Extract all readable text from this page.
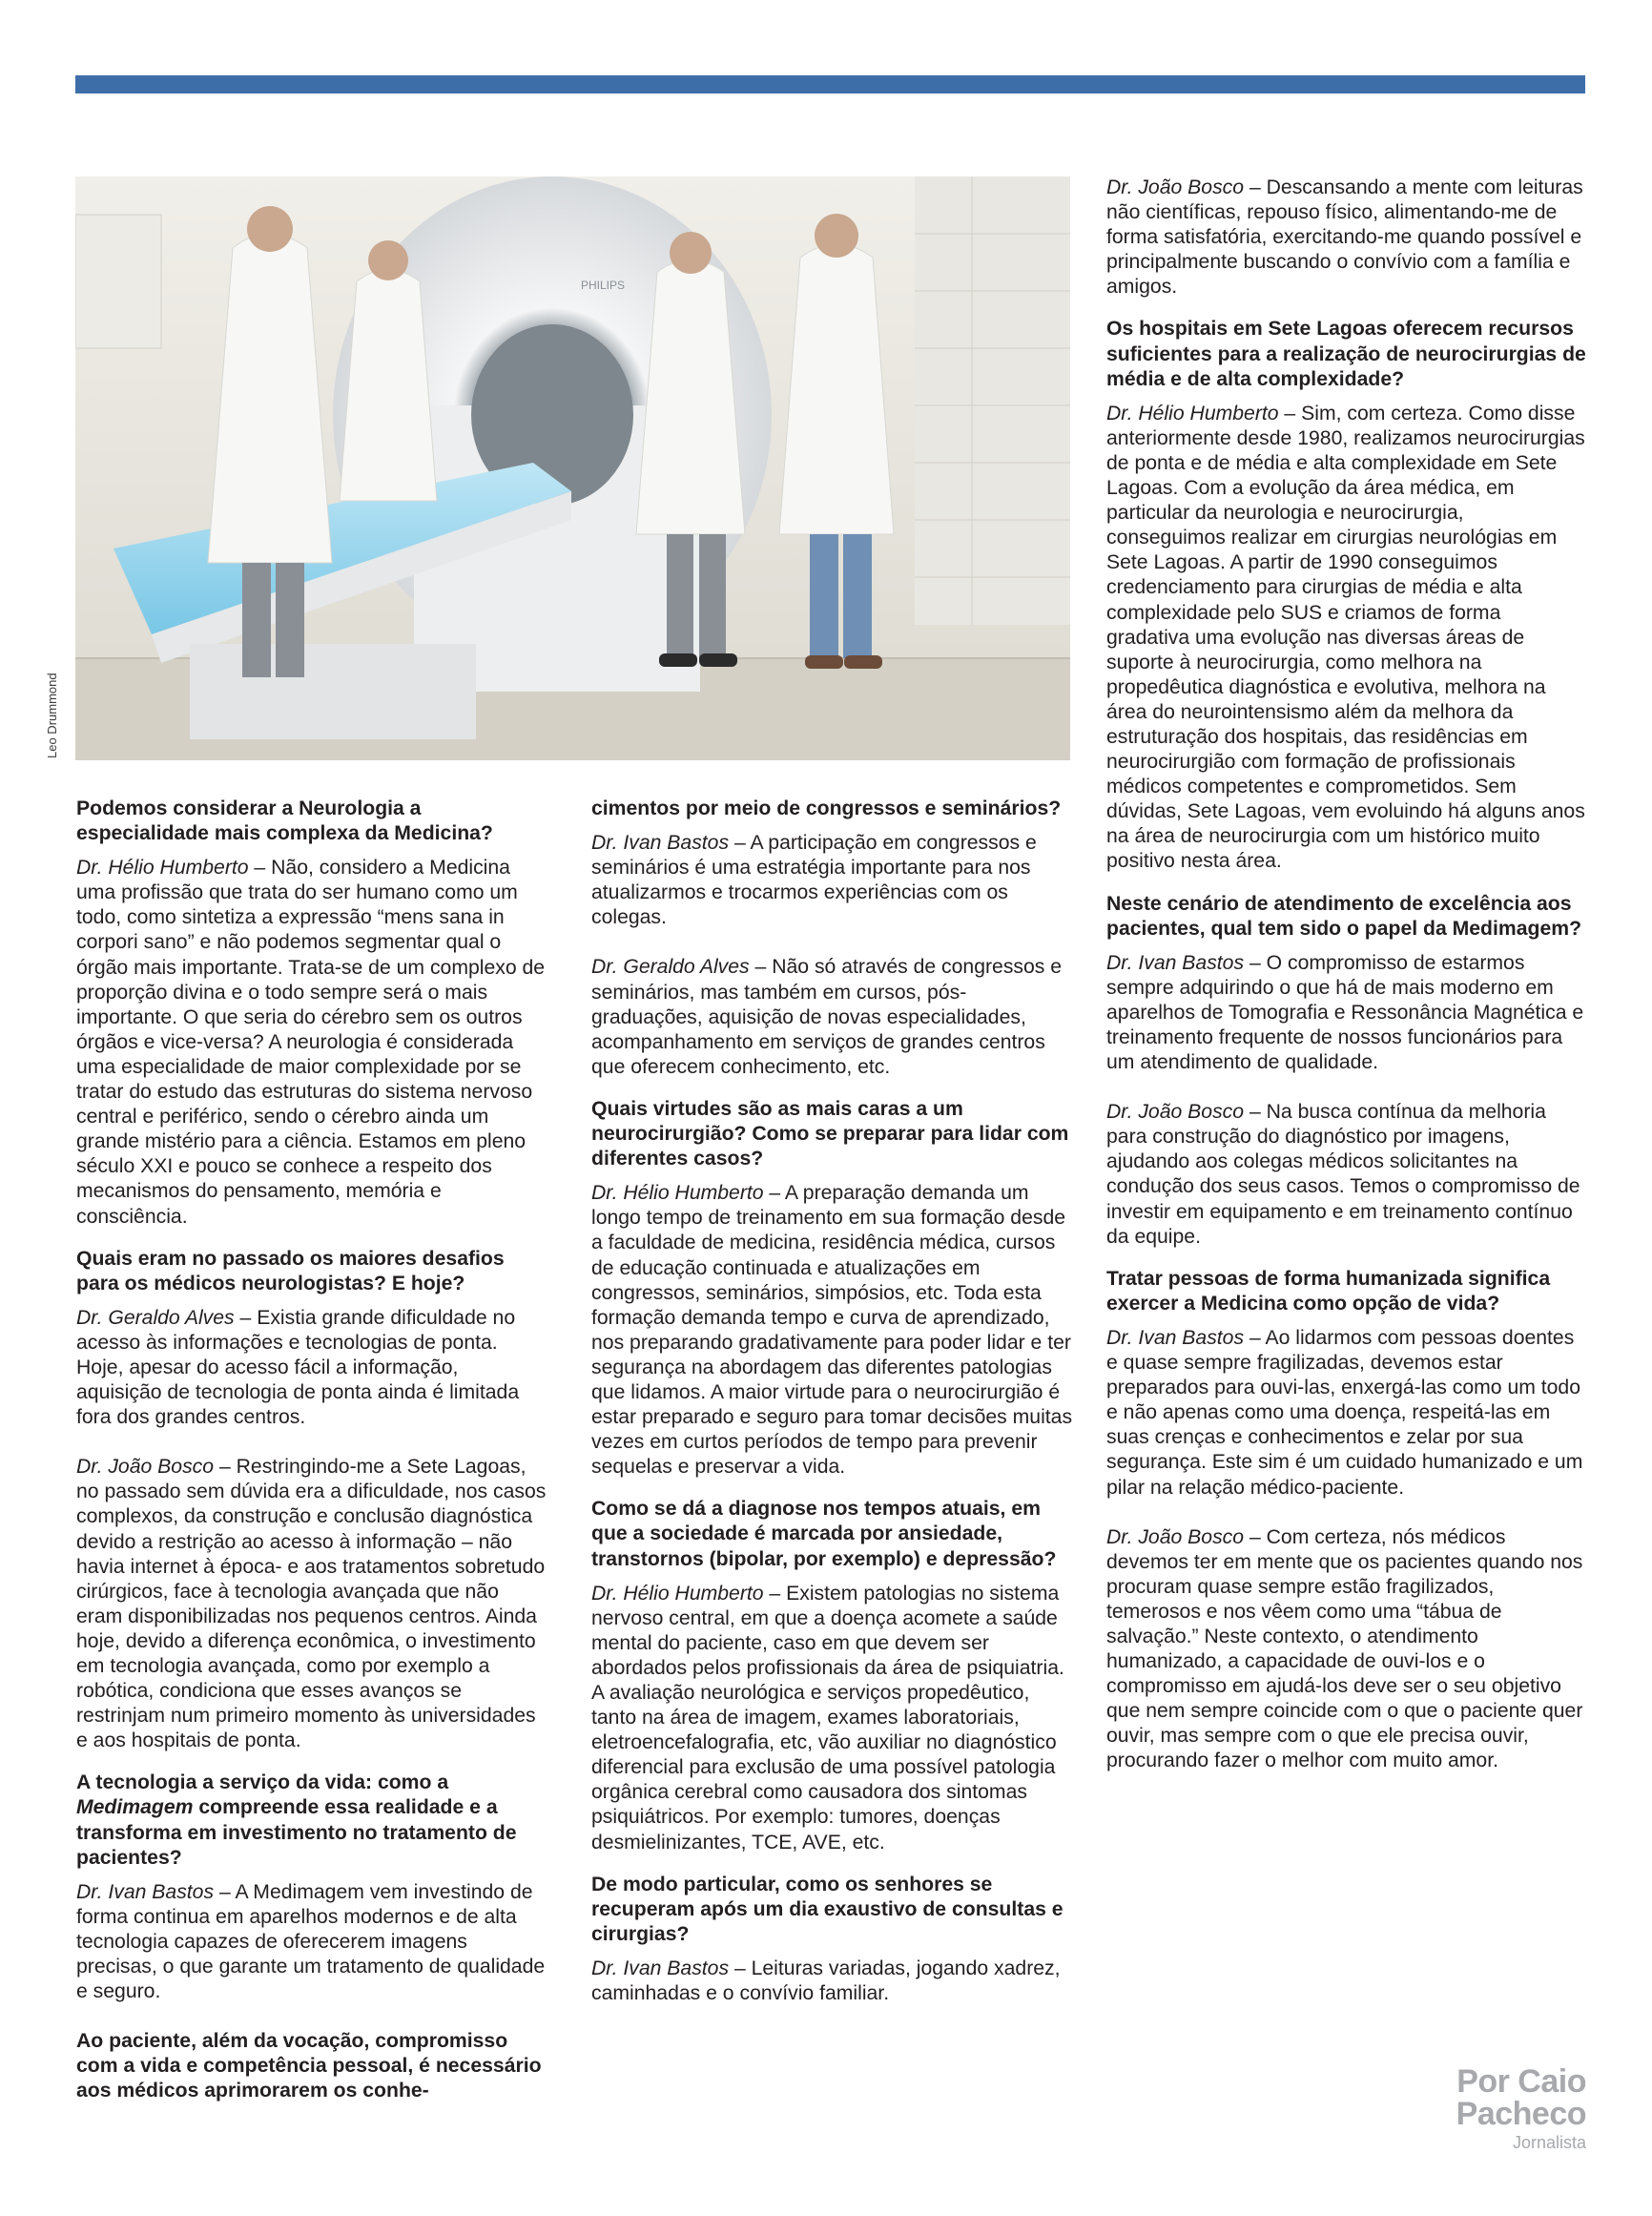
PHILIPS
Leo Drummond
Podemos considerar a Neurologia a especialidade mais complexa da Medicina?
Dr. Hélio Humberto – Não, considero a Medicina uma profissão que trata do ser humano como um todo, como sintetiza a expressão “mens sana in corpori sano” e não podemos segmentar qual o órgão mais importante. Trata-se de um complexo de proporção divina e o todo sempre será o mais importante. O que seria do cérebro sem os outros órgãos e vice-versa? A neurologia é considerada uma especialidade de maior complexidade por se tratar do estudo das estruturas do sistema nervoso central e periférico, sendo o cérebro ainda um grande mistério para a ciência. Estamos em pleno século XXI e pouco se conhece a respeito dos mecanismos do pensamento, memória e consciência.
Quais eram no passado os maiores desafios para os médicos neurologistas? E hoje?
Dr. Geraldo Alves – Existia grande dificuldade no acesso às informações e tecnologias de ponta. Hoje, apesar do acesso fácil a informação, aquisição de tecnologia de ponta ainda é limitada fora dos grandes centros.
Dr. João Bosco – Restringindo-me a Sete Lagoas, no passado sem dúvida era a dificuldade, nos casos complexos, da construção e conclusão diagnóstica devido a restrição ao acesso à informação – não havia internet à época- e aos tratamentos sobretudo cirúrgicos, face à tecnologia avançada que não eram disponibilizadas nos pequenos centros. Ainda hoje, devido a diferença econômica, o investimento em tecnologia avançada, como por exemplo a robótica, condiciona que esses avanços se restrinjam num primeiro momento às universidades e aos hospitais de ponta.
A tecnologia a serviço da vida: como a Medimagem compreende essa realidade e a transforma em investimento no tratamento de pacientes?
Dr. Ivan Bastos – A Medimagem vem investindo de forma continua em aparelhos modernos e de alta tecnologia capazes de oferecerem imagens precisas, o que garante um tratamento de qualidade e seguro.
Ao paciente, além da vocação, compromisso com a vida e competência pessoal, é necessário aos médicos aprimorarem os conhe-
cimentos por meio de congressos e seminários?
Dr. Ivan Bastos – A participação em congressos e seminários é uma estratégia importante para nos atualizarmos e trocarmos experiências com os colegas.
Dr. Geraldo Alves – Não só através de congressos e seminários, mas também em cursos, pós-graduações, aquisição de novas especialidades, acompanhamento em serviços de grandes centros que oferecem conhecimento, etc.
Quais virtudes são as mais caras a um neurocirurgião? Como se preparar para lidar com diferentes casos?
Dr. Hélio Humberto – A preparação demanda um longo tempo de treinamento em sua formação desde a faculdade de medicina, residência médica, cursos de educação continuada e atualizações em congressos, seminários, simpósios, etc. Toda esta formação demanda tempo e curva de aprendizado, nos preparando gradativamente para poder lidar e ter segurança na abordagem das diferentes patologias que lidamos. A maior virtude para o neurocirurgião é estar preparado e seguro para tomar decisões muitas vezes em curtos períodos de tempo para prevenir sequelas e preservar a vida.
Como se dá a diagnose nos tempos atuais, em que a sociedade é marcada por ansiedade, transtornos (bipolar, por exemplo) e depressão?
Dr. Hélio Humberto – Existem patologias no sistema nervoso central, em que a doença acomete a saúde mental do paciente, caso em que devem ser abordados pelos profissionais da área de psiquiatria. A avaliação neurológica e serviços propedêutico, tanto na área de imagem, exames laboratoriais, eletroencefalografia, etc, vão auxiliar no diagnóstico diferencial para exclusão de uma possível patologia orgânica cerebral como causadora dos sintomas psiquiátricos. Por exemplo: tumores, doenças desmielinizantes, TCE, AVE, etc.
De modo particular, como os senhores se recuperam após um dia exaustivo de consultas e cirurgias?
Dr. Ivan Bastos – Leituras variadas, jogando xadrez, caminhadas e o convívio familiar.
Dr. João Bosco – Descansando a mente com leituras não científicas, repouso físico, alimentando-me de forma satisfatória, exercitando-me quando possível e principalmente buscando o convívio com a família e amigos.
Os hospitais em Sete Lagoas oferecem recursos suficientes para a realização de neurocirurgias de média e de alta complexidade?
Dr. Hélio Humberto – Sim, com certeza. Como disse anteriormente desde 1980, realizamos neurocirurgias de ponta e de média e alta complexidade em Sete Lagoas. Com a evolução da área médica, em particular da neurologia e neurocirurgia, conseguimos realizar em cirurgias neurológias em Sete Lagoas. A partir de 1990 conseguimos credenciamento para cirurgias de média e alta complexidade pelo SUS e criamos de forma gradativa uma evolução nas diversas áreas de suporte à neurocirurgia, como melhora na propedêutica diagnóstica e evolutiva, melhora na área do neurointensismo além da melhora da estruturação dos hospitais, das residências em neurocirurgião com formação de profissionais médicos competentes e comprometidos. Sem dúvidas, Sete Lagoas, vem evoluindo há alguns anos na área de neurocirurgia com um histórico muito positivo nesta área.
Neste cenário de atendimento de excelência aos pacientes, qual tem sido o papel da Medimagem?
Dr. Ivan Bastos – O compromisso de estarmos sempre adquirindo o que há de mais moderno em aparelhos de Tomografia e Ressonância Magnética e treinamento frequente de nossos funcionários para um atendimento de qualidade.
Dr. João Bosco – Na busca contínua da melhoria para construção do diagnóstico por imagens, ajudando aos colegas médicos solicitantes na condução dos seus casos. Temos o compromisso de investir em equipamento e em treinamento contínuo da equipe.
Tratar pessoas de forma humanizada significa exercer a Medicina como opção de vida?
Dr. Ivan Bastos – Ao lidarmos com pessoas doentes e quase sempre fragilizadas, devemos estar preparados para ouvi-las, enxergá-las como um todo e não apenas como uma doença, respeitá-las em suas crenças e conhecimentos e zelar por sua segurança. Este sim é um cuidado humanizado e um pilar na relação médico-paciente.
Dr. João Bosco – Com certeza, nós médicos devemos ter em mente que os pacientes quando nos procuram quase sempre estão fragilizados, temerosos e nos vêem como uma “tábua de salvação.” Neste contexto, o atendimento humanizado, a capacidade de ouvi-los e o compromisso em ajudá-los deve ser o seu objetivo que nem sempre coincide com o que o paciente quer ouvir, mas sempre com o que ele precisa ouvir, procurando fazer o melhor com muito amor.
Por Caio
Pacheco
Jornalista
